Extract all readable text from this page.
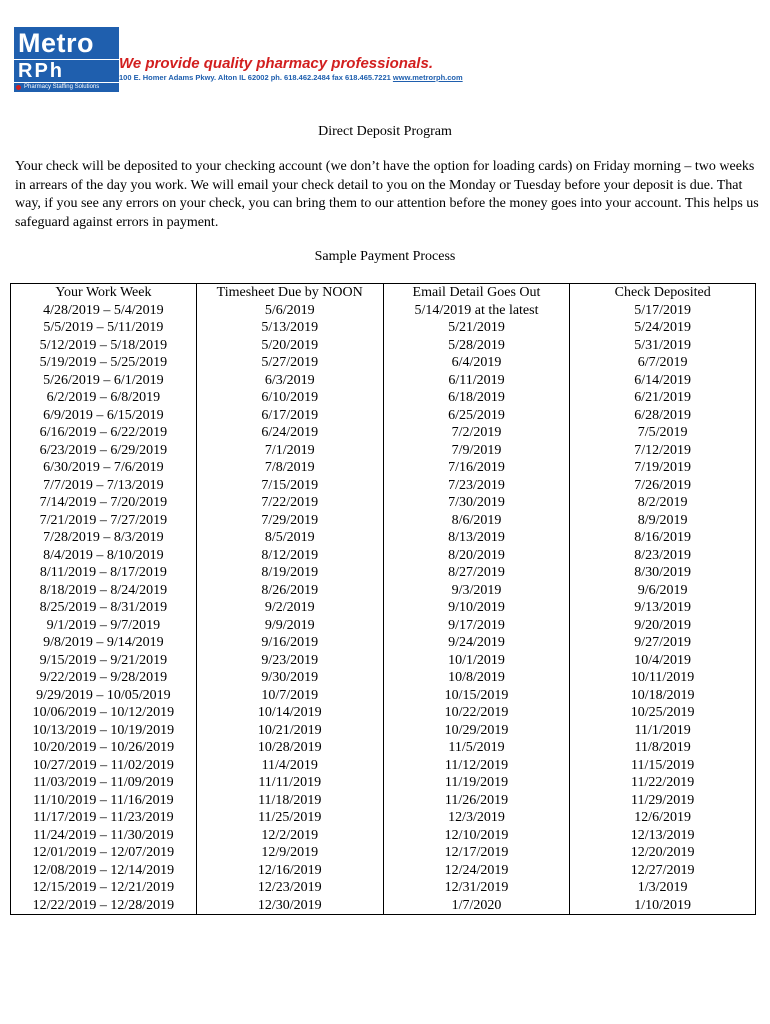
Metro
RPh
Pharmacy Staffing Solutions
We provide quality pharmacy professionals.
100 E. Homer Adams Pkwy. Alton IL 62002 ph. 618.462.2484 fax 618.465.7221 www.metrorph.com
Direct Deposit Program

Your check will be deposited to your checking account (we don’t have the option for loading cards) on Friday morning – two weeks in arrears of the day you work. We will email your check detail to you on the Monday or Tuesday before your deposit is due. That way, if you see any errors on your check, you can bring them to our attention before the money goes into your account. This helps us safeguard against errors in payment.

Sample Payment Process
Your Work Week	Timesheet Due by NOON	Email Detail Goes Out	Check Deposited
4/28/2019 – 5/4/2019	5/6/2019	5/14/2019 at the latest	5/17/2019
5/5/2019 – 5/11/2019	5/13/2019	5/21/2019	5/24/2019
5/12/2019 – 5/18/2019	5/20/2019	5/28/2019	5/31/2019
5/19/2019 – 5/25/2019	5/27/2019	6/4/2019	6/7/2019
5/26/2019 – 6/1/2019	6/3/2019	6/11/2019	6/14/2019
6/2/2019 – 6/8/2019	6/10/2019	6/18/2019	6/21/2019
6/9/2019 – 6/15/2019	6/17/2019	6/25/2019	6/28/2019
6/16/2019 – 6/22/2019	6/24/2019	7/2/2019	7/5/2019
6/23/2019 – 6/29/2019	7/1/2019	7/9/2019	7/12/2019
6/30/2019 – 7/6/2019	7/8/2019	7/16/2019	7/19/2019
7/7/2019 – 7/13/2019	7/15/2019	7/23/2019	7/26/2019
7/14/2019 – 7/20/2019	7/22/2019	7/30/2019	8/2/2019
7/21/2019 – 7/27/2019	7/29/2019	8/6/2019	8/9/2019
7/28/2019 – 8/3/2019	8/5/2019	8/13/2019	8/16/2019
8/4/2019 – 8/10/2019	8/12/2019	8/20/2019	8/23/2019
8/11/2019 – 8/17/2019	8/19/2019	8/27/2019	8/30/2019
8/18/2019 – 8/24/2019	8/26/2019	9/3/2019	9/6/2019
8/25/2019 – 8/31/2019	9/2/2019	9/10/2019	9/13/2019
9/1/2019 – 9/7/2019	9/9/2019	9/17/2019	9/20/2019
9/8/2019 – 9/14/2019	9/16/2019	9/24/2019	9/27/2019
9/15/2019 – 9/21/2019	9/23/2019	10/1/2019	10/4/2019
9/22/2019 – 9/28/2019	9/30/2019	10/8/2019	10/11/2019
9/29/2019 – 10/05/2019	10/7/2019	10/15/2019	10/18/2019
10/06/2019 – 10/12/2019	10/14/2019	10/22/2019	10/25/2019
10/13/2019 – 10/19/2019	10/21/2019	10/29/2019	11/1/2019
10/20/2019 – 10/26/2019	10/28/2019	11/5/2019	11/8/2019
10/27/2019 – 11/02/2019	11/4/2019	11/12/2019	11/15/2019
11/03/2019 – 11/09/2019	11/11/2019	11/19/2019	11/22/2019
11/10/2019 – 11/16/2019	11/18/2019	11/26/2019	11/29/2019
11/17/2019 – 11/23/2019	11/25/2019	12/3/2019	12/6/2019
11/24/2019 – 11/30/2019	12/2/2019	12/10/2019	12/13/2019
12/01/2019 – 12/07/2019	12/9/2019	12/17/2019	12/20/2019
12/08/2019 – 12/14/2019	12/16/2019	12/24/2019	12/27/2019
12/15/2019 – 12/21/2019	12/23/2019	12/31/2019	1/3/2019
12/22/2019 – 12/28/2019	12/30/2019	1/7/2020	1/10/2019
